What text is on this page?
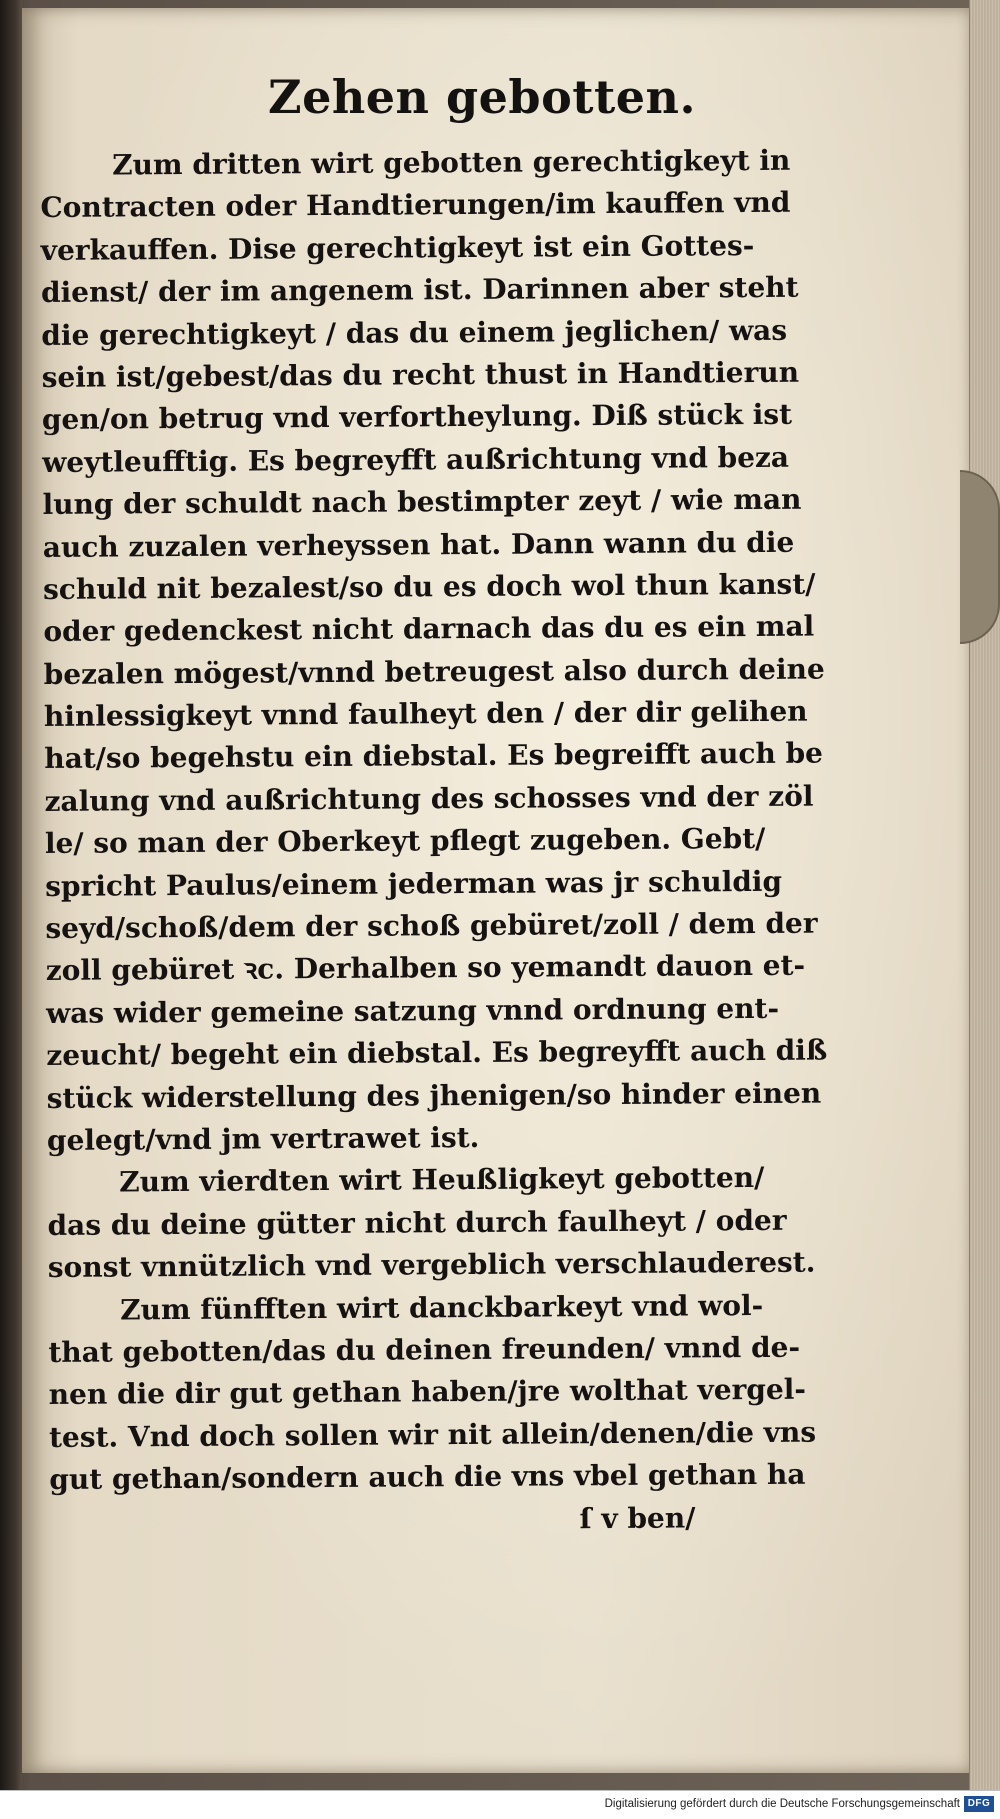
Zehen gebotten.
Zum dritten wirt gebotten gerechtigkeyt in
Contracten oder Handtierungen/im kauffen vnd
verkauffen. Dise gerechtigkeyt ist ein Gottes-
dienst/ der im angenem ist. Darinnen aber steht
die gerechtigkeyt / das du einem jeglichen/ was
sein ist/gebest/das du recht thust in Handtierun
gen/on betrug vnd verfortheylung. Diß stück ist
weytleufftig. Es begreyfft außrichtung vnd beza
lung der schuldt nach bestimpter zeyt / wie man
auch zuzalen verheyssen hat. Dann wann du die
schuld nit bezalest/so du es doch wol thun kanst/
oder gedenckest nicht darnach das du es ein mal
bezalen mögest/vnnd betreugest also durch deine
hinlessigkeyt vnnd faulheyt den / der dir gelihen
hat/so begehstu ein diebstal. Es begreifft auch be
zalung vnd außrichtung des schosses vnd der zöl
le/ so man der Oberkeyt pflegt zugeben. Gebt/
spricht Paulus/einem jederman was jr schuldig
seyd/schoß/dem der schoß gebüret/zoll / dem der
zoll gebüret ꝛc. Derhalben so yemandt dauon et-
was wider gemeine satzung vnnd ordnung ent-
zeucht/ begeht ein diebstal. Es begreyfft auch diß
stück widerstellung des jhenigen/so hinder einen
gelegt/vnd jm vertrawet ist.
Zum vierdten wirt Heußligkeyt gebotten/
das du deine gütter nicht durch faulheyt / oder
sonst vnnützlich vnd vergeblich verschlauderest.
Zum fünfften wirt danckbarkeyt vnd wol-
that gebotten/das du deinen freunden/ vnnd de-
nen die dir gut gethan haben/jre wolthat vergel-
test. Vnd doch sollen wir nit allein/denen/die vns
gut gethan/sondern auch die vns vbel gethan ha
ſ v ben/
Digitalisierung gefördert durch die Deutsche Forschungsgemeinschaft DFG
